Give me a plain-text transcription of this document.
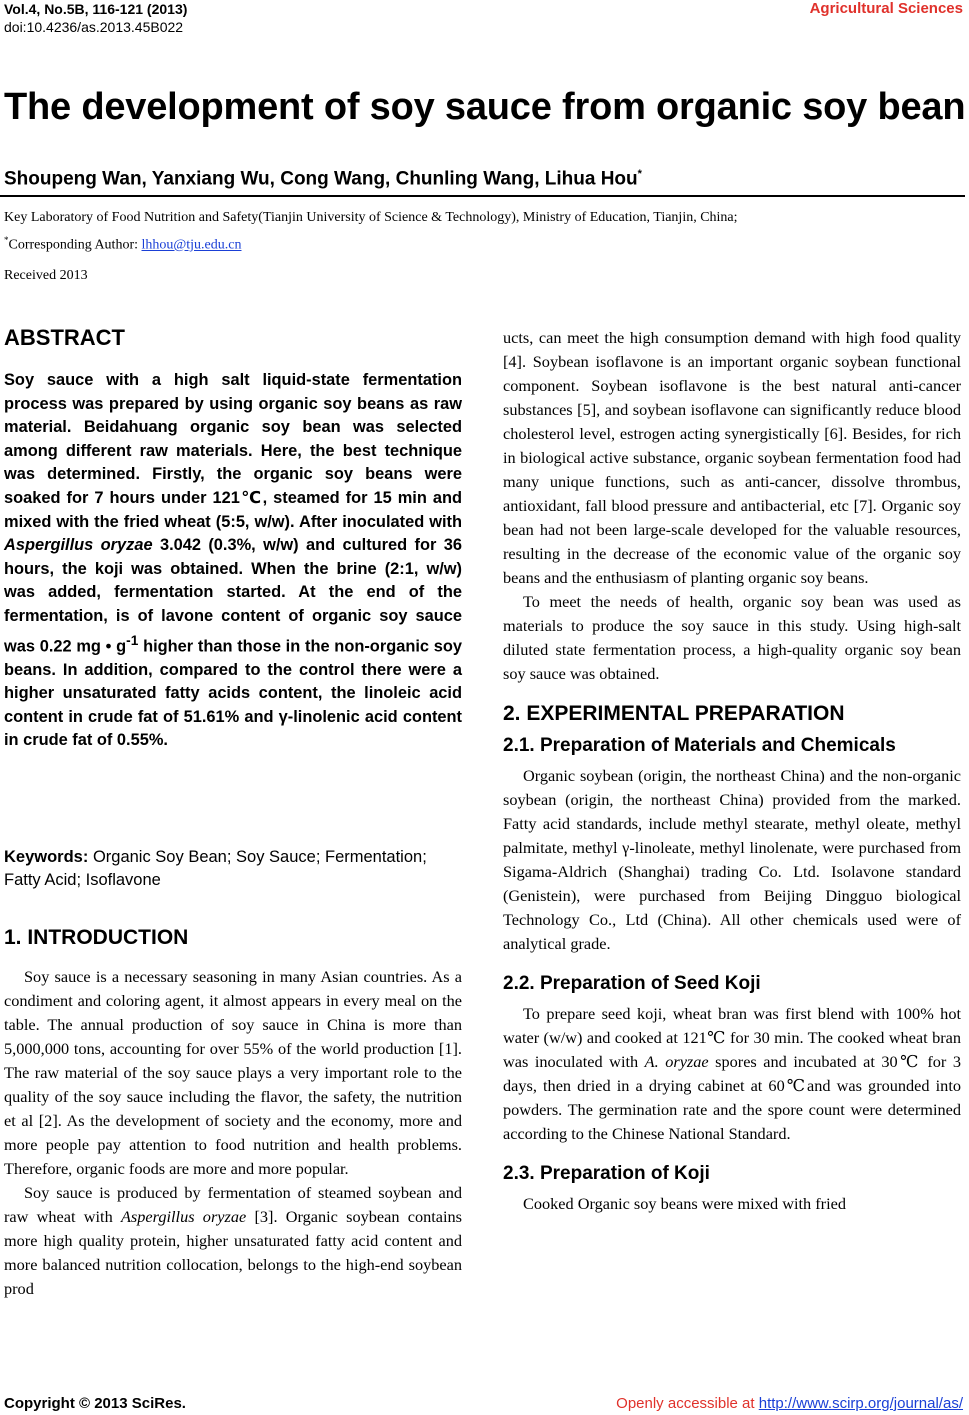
Vol.4, No.5B, 116-121 (2013)
doi:10.4236/as.2013.45B022
Agricultural Sciences
The development of soy sauce from organic soy bean
Shoupeng Wan, Yanxiang Wu, Cong Wang, Chunling Wang, Lihua Hou*
Key Laboratory of Food Nutrition and Safety(Tianjin University of Science & Technology), Ministry of Education, Tianjin, China;
*Corresponding Author: lhhou@tju.edu.cn
Received 2013
ABSTRACT
Soy sauce with a high salt liquid-state fermentation process was prepared by using organic soy beans as raw material. Beidahuang organic soy bean was selected among different raw materials. Here, the best technique was determined. Firstly, the organic soy beans were soaked for 7 hours under 121℃, steamed for 15 min and mixed with the fried wheat (5:5, w/w). After inoculated with Aspergillus oryzae 3.042 (0.3%, w/w) and cultured for 36 hours, the koji was obtained. When the brine (2:1, w/w) was added, fermentation started. At the end of the fermentation, is of lavone content of organic soy sauce was 0.22 mg • $g^{-1}$ higher than those in the non-organic soy beans. In addition, compared to the control there were a higher unsaturated fatty acids content, the linoleic acid content in crude fat of 51.61% and γ-linolenic acid content in crude fat of 0.55%.
Keywords: Organic Soy Bean; Soy Sauce; Fermentation; Fatty Acid; Isoflavone
1. INTRODUCTION

Soy sauce is a necessary seasoning in many Asian countries. As a condiment and coloring agent, it almost appears in every meal on the table. The annual production of soy sauce in China is more than 5,000,000 tons, accounting for over 55% of the world production [1]. The raw material of the soy sauce plays a very important role to the quality of the soy sauce including the flavor, the safety, the nutrition et al [2]. As the development of society and the economy, more and more people pay attention to food nutrition and health problems. Therefore, organic foods are more and more popular.

Soy sauce is produced by fermentation of steamed soybean and raw wheat with Aspergillus oryzae [3]. Organic soybean contains more high quality protein, higher unsaturated fatty acid content and more balanced nutrition collocation, belongs to the high-end soybean prod

ucts, can meet the high consumption demand with high food quality [4]. Soybean isoflavone is an important organic soybean functional component. Soybean isoflavone is the best natural anti-cancer substances [5], and soybean isoflavone can significantly reduce blood cholesterol level, estrogen acting synergistically [6]. Besides, for rich in biological active substance, organic soybean fermentation food had many unique functions, such as anti-cancer, dissolve thrombus, antioxidant, fall blood pressure and antibacterial, etc [7]. Organic soy bean had not been large-scale developed for the valuable resources, resulting in the decrease of the economic value of the organic soy beans and the enthusiasm of planting organic soy beans.

To meet the needs of health, organic soy bean was used as materials to produce the soy sauce in this study. Using high-salt diluted state fermentation process, a high-quality organic soy bean soy sauce was obtained.

2. EXPERIMENTAL PREPARATION
2.1. Preparation of Materials and Chemicals

Organic soybean (origin, the northeast China) and the non-organic soybean (origin, the northeast China) provided from the marked. Fatty acid standards, include methyl stearate, methyl oleate, methyl palmitate, methyl γ-linoleate, methyl linolenate, were purchased from Sigama-Aldrich (Shanghai) trading Co. Ltd. Isolavone standard (Genistein), were purchased from Beijing Dingguo biological Technology Co., Ltd (China). All other chemicals used were of analytical grade.

2.2. Preparation of Seed Koji

To prepare seed koji, wheat bran was first blend with 100% hot water (w/w) and cooked at 121℃ for 30 min. The cooked wheat bran was inoculated with A. oryzae spores and incubated at 30℃ for 3 days, then dried in a drying cabinet at 60℃and was grounded into powders. The germination rate and the spore count were determined according to the Chinese National Standard.

2.3. Preparation of Koji

Cooked Organic soy beans were mixed with fried

Copyright © 2013 SciRes.	Openly accessible at http://www.scirp.org/journal/as/
